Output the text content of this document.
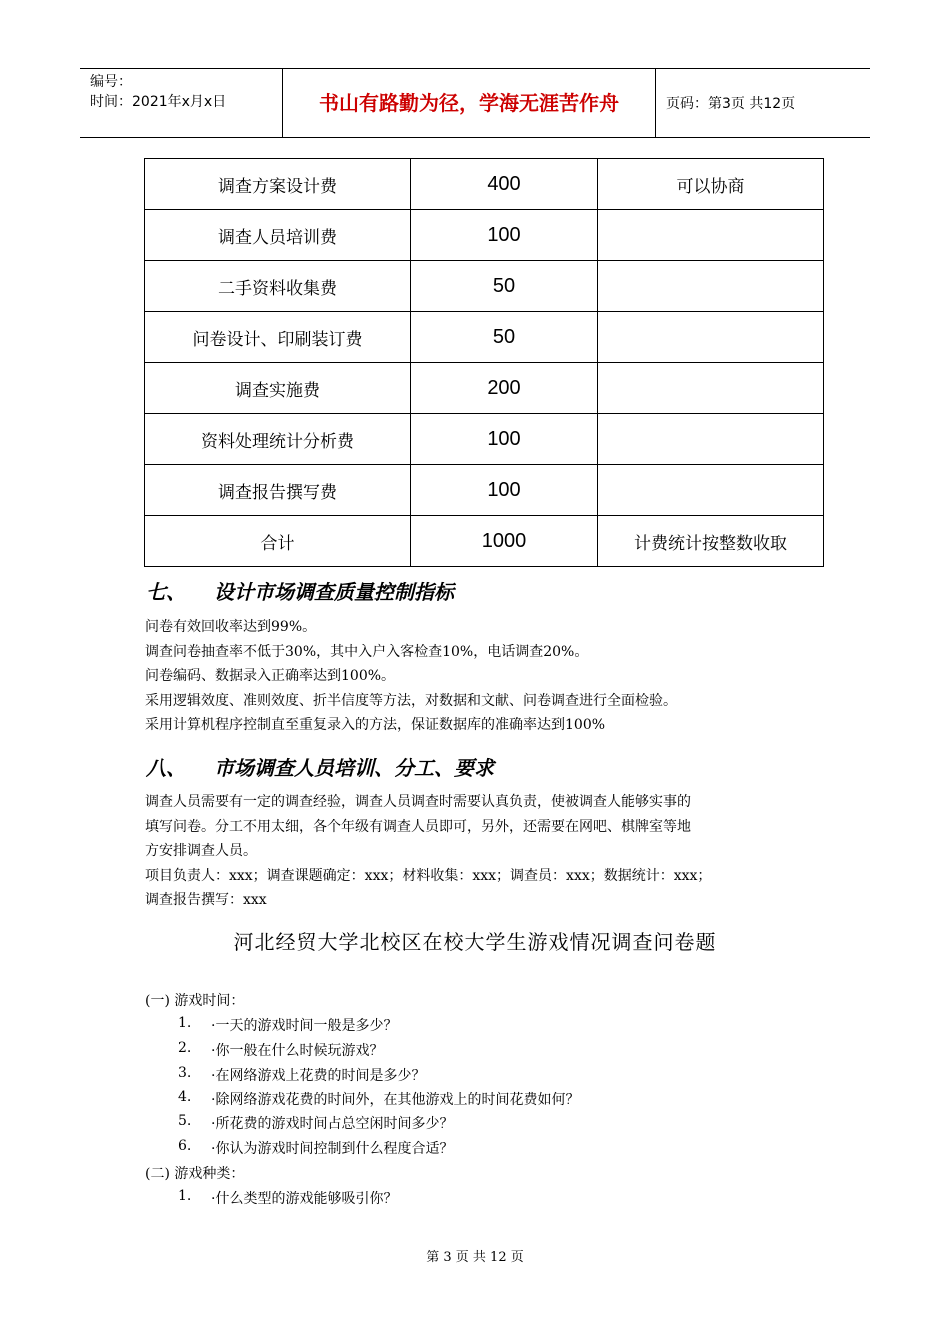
编号：
时间：2021年x月x日	书山有路勤为径，学海无涯苦作舟	页码：第3页 共12页
调查方案设计费	400	可以协商
调查人员培训费	100	
二手资料收集费	50	
问卷设计、印刷装订费	50	
调查实施费	200	
资料处理统计分析费	100	
调查报告撰写费	100	
合计	1000	计费统计按整数收取
七、 设计市场调查质量控制指标

问卷有效回收率达到99%。

调查问卷抽查率不低于30%，其中入户入客检查10%，电话调查20%。

问卷编码、数据录入正确率达到100%。

采用逻辑效度、准则效度、折半信度等方法，对数据和文献、问卷调查进行全面检验。

采用计算机程序控制直至重复录入的方法，保证数据库的准确率达到100%

八、 市场调查人员培训、分工、要求

调查人员需要有一定的调查经验，调查人员调查时需要认真负责，使被调查人能够实事的

填写问卷。分工不用太细，各个年级有调查人员即可，另外，还需要在网吧、棋牌室等地

方安排调查人员。

项目负责人：xxx；调查课题确定：xxx；材料收集：xxx；调查员：xxx；数据统计：xxx；

调查报告撰写：xxx

河北经贸大学北校区在校大学生游戏情况调查问卷题
(一) 游戏时间：
1. ·一天的游戏时间一般是多少？
2. ·你一般在什么时候玩游戏？
3. ·在网络游戏上花费的时间是多少？
4. ·除网络游戏花费的时间外，在其他游戏上的时间花费如何？
5. ·所花费的游戏时间占总空闲时间多少？
6. ·你认为游戏时间控制到什么程度合适？
(二) 游戏种类：
1. ·什么类型的游戏能够吸引你？
第 3 页 共 12 页
